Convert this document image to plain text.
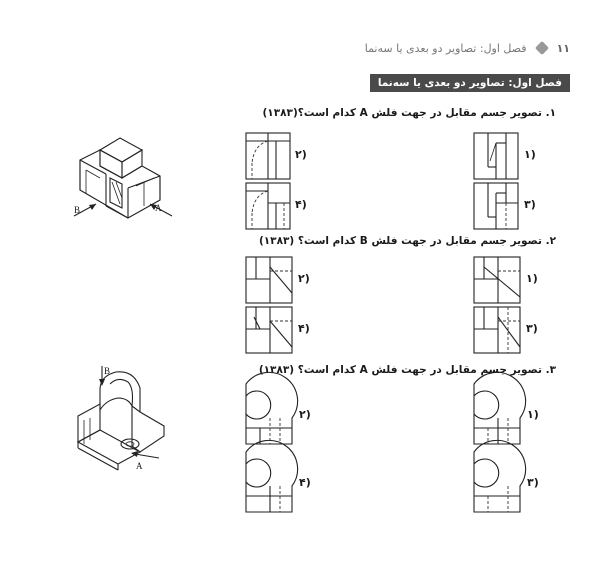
۱۱
فصل اول: تصاویر دو بعدی یا سه‌نما
فصل اول: تصاویر دو بعدی یا سه‌نما
۱. تصویر جسم مقابل در جهت فلش A کدام است؟(۱۳۸۳)
۲. تصویر جسم مقابل در جهت فلش B کدام است؟ (۱۳۸۳)
۳. تصویر جسم مقابل در جهت فلش A کدام است؟ (۱۳۸۳)
B	A
۲)	۱)
۴)	۳)
۲)	۱)
۴)	۳)
B
A
۲)	۱)
۴)	۳)
